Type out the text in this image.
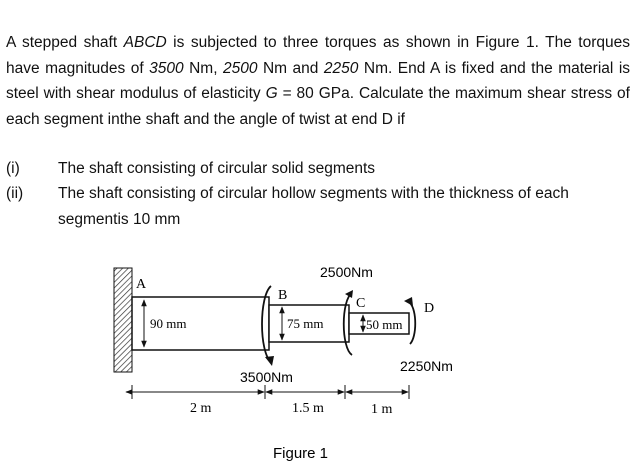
A stepped shaft ABCD is subjected to three torques as shown in Figure 1. The torques have magnitudes of 3500 Nm, 2500 Nm and 2250 Nm. End A is fixed and the material is steel with shear modulus of elasticity G = 80 GPa. Calculate the maximum shear stress of each segment inthe shaft and the angle of twist at end D if
(i) The shaft consisting of circular solid segments
(ii) The shaft consisting of circular hollow segments with the thickness of each segmentis 10 mm
A
B
C	D
90 mm	75 mm	50 mm
3500Nm
2500Nm
2250Nm
2 m	1.5 m	1 m
Figure 1
